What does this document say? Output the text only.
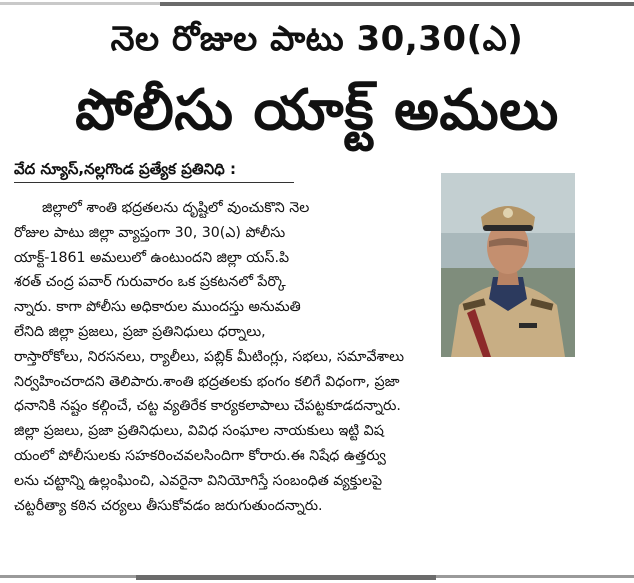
నెల రోజుల పాటు 30,30(ఎ)
పోలీసు యాక్ట్ అమలు
వేద న్యూస్,నల్లగొండ ప్రత్యేక ప్రతినిధి :
జిల్లాలో శాంతి భద్రతలను దృష్టిలో వుంచుకొని నెల
రోజుల పాటు జిల్లా వ్యాప్తంగా 30, 30(ఎ) పోలీసు
యాక్ట్-1861 అమలులో ఉంటుందని జిల్లా యస్.పి
శరత్ చంద్ర పవార్ గురువారం ఒక ప్రకటనలో పేర్కొ
న్నారు. కాగా పోలీసు అధికారుల ముందస్తు అనుమతి
లేనిది జిల్లా ప్రజలు, ప్రజా ప్రతినిధులు ధర్నాలు,
రాస్తారోకోలు, నిరసనలు, ర్యాలీలు, పబ్లిక్ మీటింగ్లు, సభలు, సమావేశాలు
నిర్వహించరాదని తెలిపారు.శాంతి భద్రతలకు భంగం కలిగే విధంగా, ప్రజా
ధనానికి నష్టం కల్గించే, చట్ట వ్యతిరేక కార్యకలాపాలు చేపట్టకూడదన్నారు.
జిల్లా ప్రజలు, ప్రజా ప్రతినిధులు, వివిధ సంఘాల నాయకులు ఇట్టి విష
యంలో పోలీసులకు సహకరించవలసిందిగా కోరారు.ఈ నిషేధ ఉత్తర్వు
లను చట్టాన్ని ఉల్లంఘించి, ఎవరైనా వినియోగిస్తే సంబంధిత వ్యక్తులపై
చట్టరీత్యా కఠిన చర్యలు తీసుకోవడం జరుగుతుందన్నారు.
